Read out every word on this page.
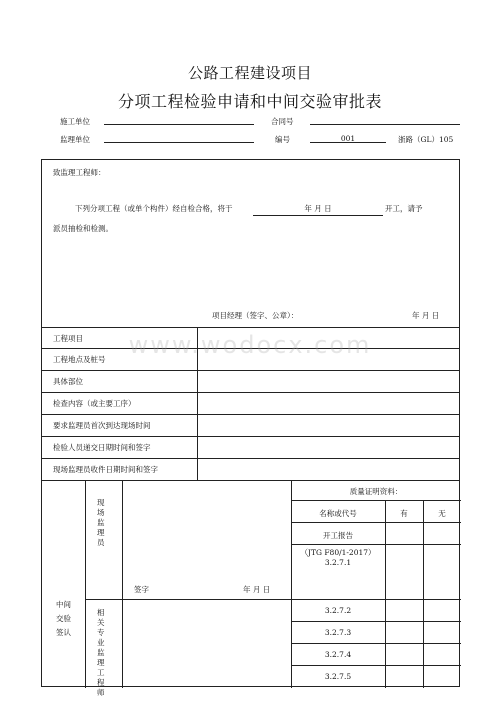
公路工程建设项目
分项工程检验申请和中间交验审批表
施工单位	合同号
监理单位	编号	001	浙路（GL）105
致监理工程师：
下列分项工程（或单个构件）经自检合格，将于	年 月 日	开工，请予
派员抽检和检测。
项目经理（签字、公章）：	年 月 日
工程项目
工程地点及桩号
具体部位
检查内容（或主要工序）
要求监理员首次到达现场时间
检验人员递交日期时间和签字
现场监理员收件日期时间和签字
中间
交验
签认
现场监理员
相关专业监理工程师
签字	年 月 日
质量证明资料：
名称或代号	有	无
开工报告
（JTG F80/1-2017）
3.2.7.1
3.2.7.2
3.2.7.3
3.2.7.4
3.2.7.5
www.wodocx.com
